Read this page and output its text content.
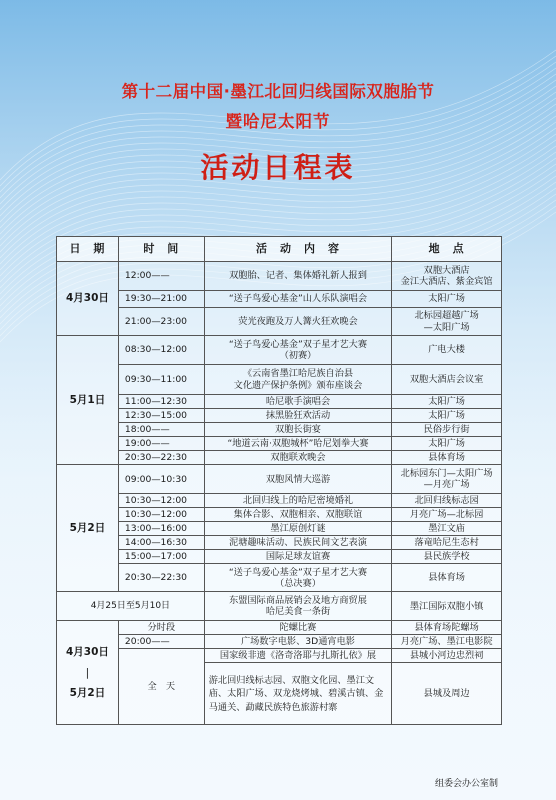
第十二届中国·墨江北回归线国际双胞胎节
暨哈尼太阳节
活动日程表
日　期	时　间	活　动　内　容	地　点
4月30日	12:00——	双胞胎、记者、集体婚礼新人报到	双胞大酒店
金江大酒店、紫金宾馆
	19:30—21:00	“送子鸟爱心基金”山人乐队演唱会	太阳广场
	21:00—23:00	荧光夜跑及万人篝火狂欢晚会	北标园超越广场
—太阳广场
5月1日	08:30—12:00	“送子鸟爱心基金”双子星才艺大赛
（初赛）	广电大楼
	09:30—11:00	《云南省墨江哈尼族自治县
文化遗产保护条例》颁布座谈会	双胞大酒店会议室
	11:00—12:30	哈尼歌手演唱会	太阳广场
	12:30—15:00	抹黑脸狂欢活动	太阳广场
	18:00——	双胞长街宴	民俗步行街
	19:00——	“地道云南·双胞城杯”哈尼划拳大赛	太阳广场
	20:30—22:30	双胞联欢晚会	县体育场
5月2日	09:00—10:30	双胞风情大巡游	北标园东门—太阳广场
—月亮广场
	10:30—12:00	北回归线上的哈尼密境婚礼	北回归线标志园
	10:30—12:00	集体合影、双胞相亲、双胞联谊	月亮广场—北标园
	13:00—16:00	墨江原创灯谜	墨江文庙
	14:00—16:30	泥塘趣味活动、民族民间文艺表演	落竜哈尼生态村
	15:00—17:00	国际足球友谊赛	县民族学校
	20:30—22:30	“送子鸟爱心基金”双子星才艺大赛
（总决赛）	县体育场
4月25日至5月10日		东盟国际商品展销会及地方商贸展
哈尼美食一条街	墨江国际双胞小镇

4月30日
|
5月2日	分时段	陀螺比赛	县体育场陀螺场
	20:00——	广场数字电影、3D通宵电影	月亮广场、墨江电影院
	全　天	国家级非遗《洛奇洛耶与扎斯扎依》展	县城小河边忠烈祠
		游北回归线标志园、双胞文化园、墨江文庙、太阳广场、双龙烧烤城、碧溪古镇、金马通关、勐藏民族特色旅游村寨	县城及周边
组委会办公室制
